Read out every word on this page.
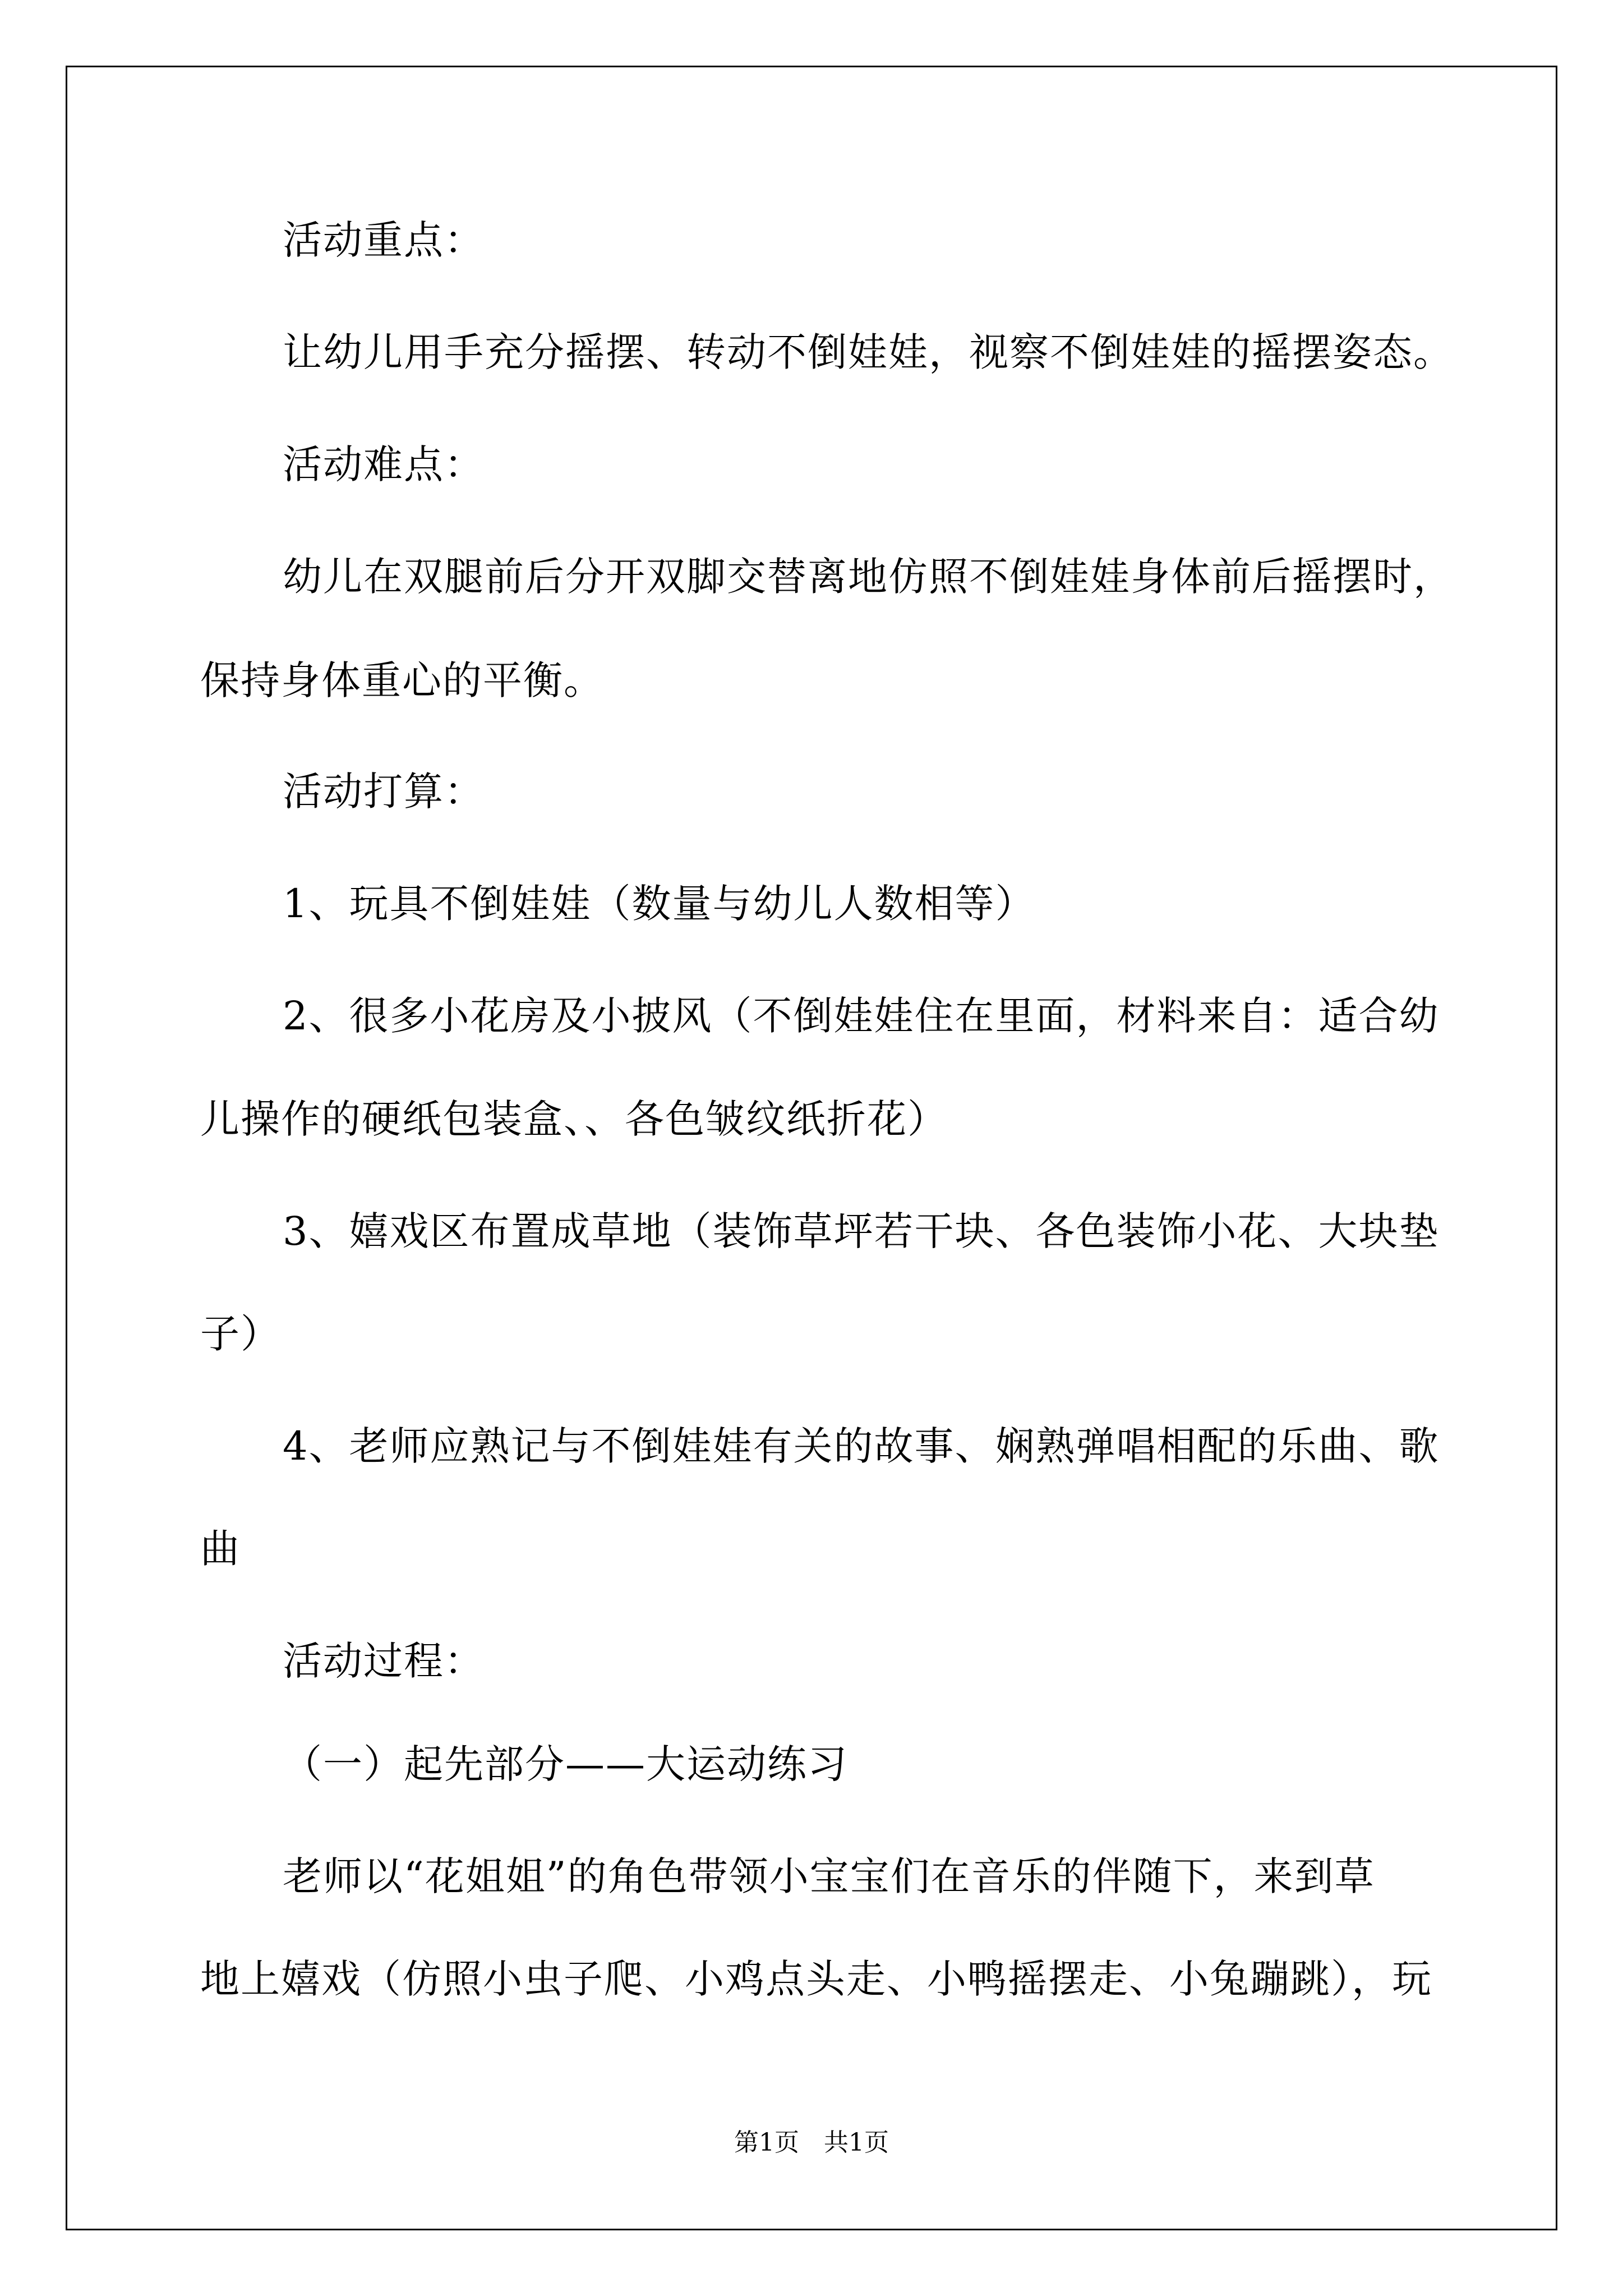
活动重点：
让幼儿用手充分摇摆、转动不倒娃娃，视察不倒娃娃的摇摆姿态。
活动难点：
幼儿在双腿前后分开双脚交替离地仿照不倒娃娃身体前后摇摆时，
保持身体重心的平衡。
活动打算：
1、玩具不倒娃娃（数量与幼儿人数相等）
2、很多小花房及小披风（不倒娃娃住在里面，材料来自：适合幼
儿操作的硬纸包装盒、、各色皱纹纸折花）
3、嬉戏区布置成草地（装饰草坪若干块、各色装饰小花、大块垫
子）
4、老师应熟记与不倒娃娃有关的故事、娴熟弹唱相配的乐曲、歌
曲
活动过程：
（一）起先部分——大运动练习
老师以“花姐姐”的角色带领小宝宝们在音乐的伴随下，来到草
地上嬉戏（仿照小虫子爬、小鸡点头走、小鸭摇摆走、小兔蹦跳），玩
第1页　共1页
